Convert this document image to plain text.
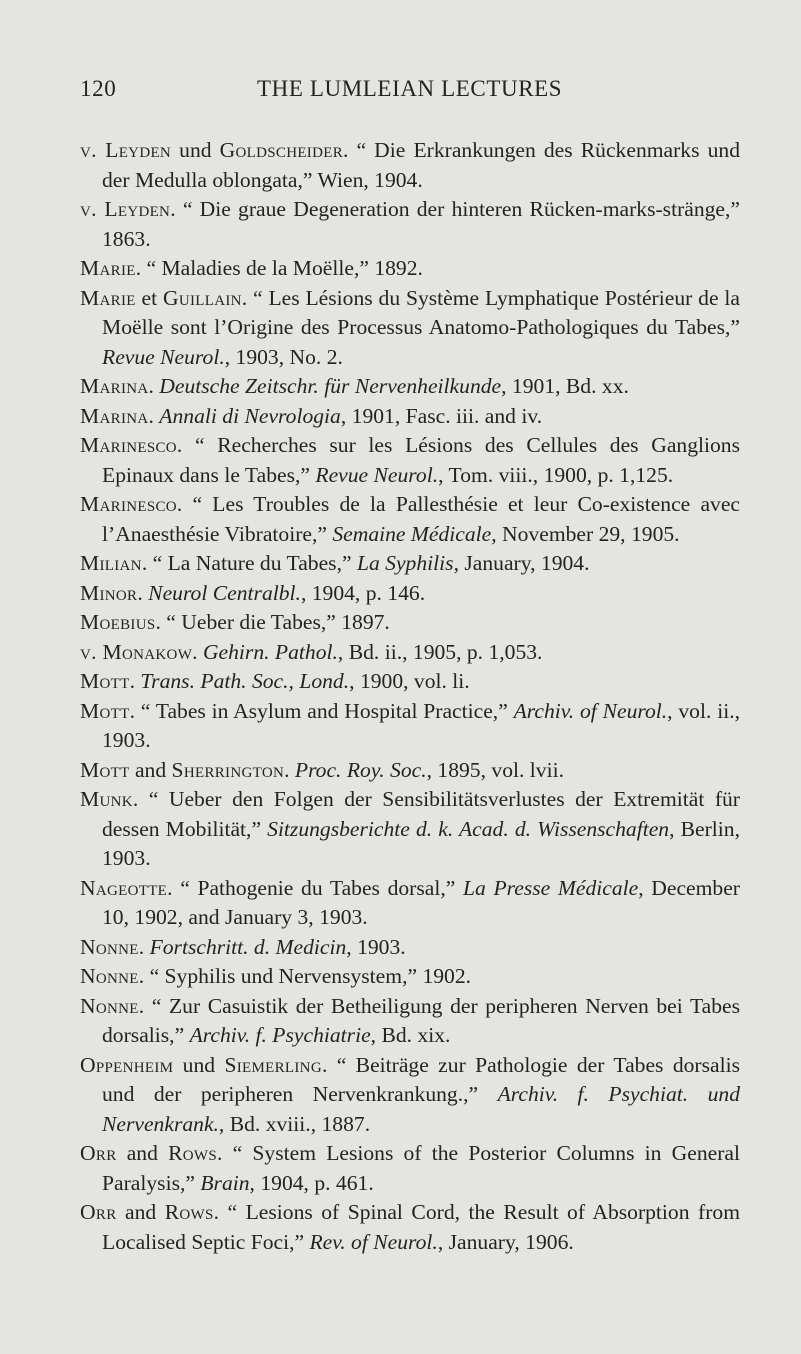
120	THE LUMLEIAN LECTURES

v. Leyden und Goldscheider. “ Die Erkrankungen des Rückenmarks und der Medulla oblongata,” Wien, 1904.

v. Leyden. “ Die graue Degeneration der hinteren Rücken-marks-stränge,” 1863.

Marie. “ Maladies de la Moëlle,” 1892.

Marie et Guillain. “ Les Lésions du Système Lymphatique Postérieur de la Moëlle sont l’Origine des Processus Anatomo-Pathologiques du Tabes,” Revue Neurol., 1903, No. 2.

Marina. Deutsche Zeitschr. für Nervenheilkunde, 1901, Bd. xx.

Marina. Annali di Nevrologia, 1901, Fasc. iii. and iv.

Marinesco. “ Recherches sur les Lésions des Cellules des Ganglions Epinaux dans le Tabes,” Revue Neurol., Tom. viii., 1900, p. 1,125.

Marinesco. “ Les Troubles de la Pallesthésie et leur Co-existence avec l’Anaesthésie Vibratoire,” Semaine Médicale, November 29, 1905.

Milian. “ La Nature du Tabes,” La Syphilis, January, 1904.

Minor. Neurol Centralbl., 1904, p. 146.

Moebius. “ Ueber die Tabes,” 1897.

v. Monakow. Gehirn. Pathol., Bd. ii., 1905, p. 1,053.

Mott. Trans. Path. Soc., Lond., 1900, vol. li.

Mott. “ Tabes in Asylum and Hospital Practice,” Archiv. of Neurol., vol. ii., 1903.

Mott and Sherrington. Proc. Roy. Soc., 1895, vol. lvii.

Munk. “ Ueber den Folgen der Sensibilitätsverlustes der Extremität für dessen Mobilität,” Sitzungsberichte d. k. Acad. d. Wissenschaften, Berlin, 1903.

Nageotte. “ Pathogenie du Tabes dorsal,” La Presse Médicale, December 10, 1902, and January 3, 1903.

Nonne. Fortschritt. d. Medicin, 1903.

Nonne. “ Syphilis und Nervensystem,” 1902.

Nonne. “ Zur Casuistik der Betheiligung der peripheren Nerven bei Tabes dorsalis,” Archiv. f. Psychiatrie, Bd. xix.

Oppenheim und Siemerling. “ Beiträge zur Pathologie der Tabes dorsalis und der peripheren Nervenkrankung.,” Archiv. f. Psychiat. und Nervenkrank., Bd. xviii., 1887.

Orr and Rows. “ System Lesions of the Posterior Columns in General Paralysis,” Brain, 1904, p. 461.

Orr and Rows. “ Lesions of Spinal Cord, the Result of Absorption from Localised Septic Foci,” Rev. of Neurol., January, 1906.
